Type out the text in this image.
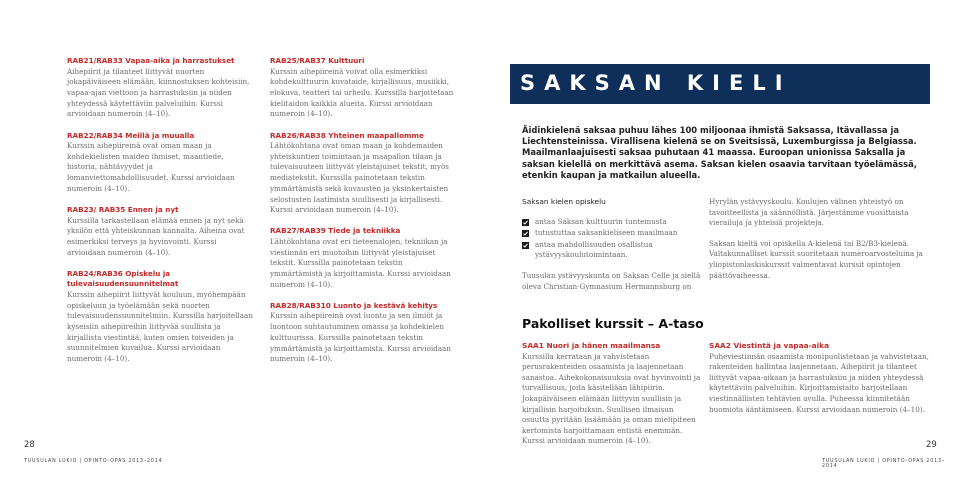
RAB21/RAB33 Vapaa-aika ja harrastukset
Aihepiirit ja tilanteet liittyvät nuorten jokapäiväiseen elämään, kiinnostuksen kohteisiin, vapaa-ajan viettoon ja harrastuksiin ja niiden yhteydessä käytettäviin palveluihin. Kurssi arvioidaan numeroin (4–10).
RAB22/RAB34 Meillä ja muualla
Kurssin aihepiireinä ovat oman maan ja kohdekielisten maiden ihmiset, maantiede, historia, nähtävyydet ja lomanviettomahdollisuudet. Kurssi arvioidaan numeroin (4–10).
RAB23/ RAB35 Ennen ja nyt
Kurssilla tarkastellaan elämää ennen ja nyt sekä yksilön että yhteiskunnan kannalta. Aiheina ovat esimerkiksi terveys ja hyvinvointi. Kurssi arvioidaan numeroin (4–10).
RAB24/RAB36 Opiskelu ja tulevaisuudensuunnitelmat
Kurssin aihepiirit liittyvät kouluun, myöhempään opiskeluun ja työelämään sekä nuorten tulevaisuudensuunnitelmiin. Kurssilla harjoitellaan kyseisiin aihepiireihin liittyvää suullista ja kirjallista viestintää, kuten omien toiveiden ja suunnitelmien kuvailua. Kurssi arvioidaan numeroin (4–10).
RAB25/RAB37 Kulttuuri
Kurssin aihepiireinä voivat olla esimerkiksi kohdekulttuurin kuvataide, kirjallisuus, musiikki, elokuva, teatteri tai urheilu. Kurssilla harjoitetaan kielitaidon kaikkia alueita. Kurssi arvioidaan numeroin (4–10).
RAB26/RAB38 Yhteinen maapallomme
Lähtökohtana ovat oman maan ja kohdemaiden yhteiskuntien toimintaan ja maapallon tilaan ja tulevaisuuteen liittyvät yleistajuiset tekstit, myös mediatekstit. Kurssilla painotetaan tekstin ymmärtämistä sekä kuvausten ja yksinkertaisten selostusten laatimista suullisesti ja kirjallisesti. Kurssi arvioidaan numeroin (4–10).
RAB27/RAB39 Tiede ja tekniikka
Lähtökohtana ovat eri tieteenalojen, tekniikan ja viestinnän eri muotoihin liittyvät yleistajuiset tekstit. Kurssilla painotetaan tekstin ymmärtämistä ja kirjoittamista. Kurssi arvioidaan numeroin (4–10).
RAB28/RAB310 Luonto ja kestävä kehitys
Kurssin aihepiireinä ovat luonto ja sen ilmiöt ja luontoon suhtautuminen omassa ja kohdekielen kulttuurissa. Kurssilla painotetaan tekstin ymmärtämistä ja kirjoittamista. Kurssi arvioidaan numeroin (4–10).
28
TUUSULAN LUKIO | OPINTO-OPAS 2013–2014
SAKSAN KIELI
Äidinkielenä saksaa puhuu lähes 100 miljoonaa ihmistä Saksassa, Itävallassa ja Liechtensteinissa. Virallisena kielenä se on Sveitsissä, Luxemburgissa ja Belgiassa. Maailmanlaajuisesti saksaa puhutaan 41 maassa. Euroopan unionissa Saksalla ja saksan kielellä on merkittävä asema. Saksan kielen osaavia tarvitaan työelämässä, etenkin kaupan ja matkailun alueella.
Saksan kielen opiskelu
antaa Saksan kulttuurin tuntemusta
tutustuttaa saksankieliseen maailmaan
antaa mahdollisuuden osallistua ystävyyskoulutoimintaan.
Tuusulan ystävyyskunta on Saksan Celle ja siellä oleva Christian-Gymnasium Hermannsburg on
Hyrylän ystävyyskoulu. Koulujen välinen yhteistyö on tavoitteellista ja säännöllistä. Järjestämme vuosittaista vierailuja ja yhteisiä projekteja.
Saksan kieltä voi opiskella A-kielenä tai B2/B3-kielenä. Valtakunnalliset kurssit suoritetaan numeroarvosteluina ja yliopistonlaskiskurssit valmentavat kurssit opintojen päättövaiheessa.
Pakolliset kurssit – A-taso
SAA1 Nuori ja hänen maailmansa
Kurssilla kerrataan ja vahvistetaan perusrakenteiden osaamista ja laajennetaan sanastoa. Aihekokonaisuuksia ovat hyvinvointi ja turvallisuus, joita käsitellään lähipiirin. Jokapäiväiseen elämään liittyvin suullisin ja kirjallisin harjoituksin. Suullisen ilmaisun osuutta pyritään lisäämään ja oman mielipiteen kertomista harjoittamaan entistä enemmän. Kurssi arvioidaan numeroin (4–10).
SAA2 Viestintä ja vapaa-aika
Puheviestinnän osaamista monipuolistetaan ja vahvistetaan, rakenteiden hallintaa laajennetaan. Aihepiirit ja tilanteet liittyvät vapaa-aikaan ja harrastuksiin ja niiden yhteydessä käytettäviin palveluihin. Kirjoittamistaito harjoitellaan viestinnällisten tehtävien avulla. Puheessa kiinnitetään huomiota ääntämiseen. Kurssi arvioidaan numeroin (4–10).
29
TUUSULAN LUKIO | OPINTO-OPAS 2013–2014
